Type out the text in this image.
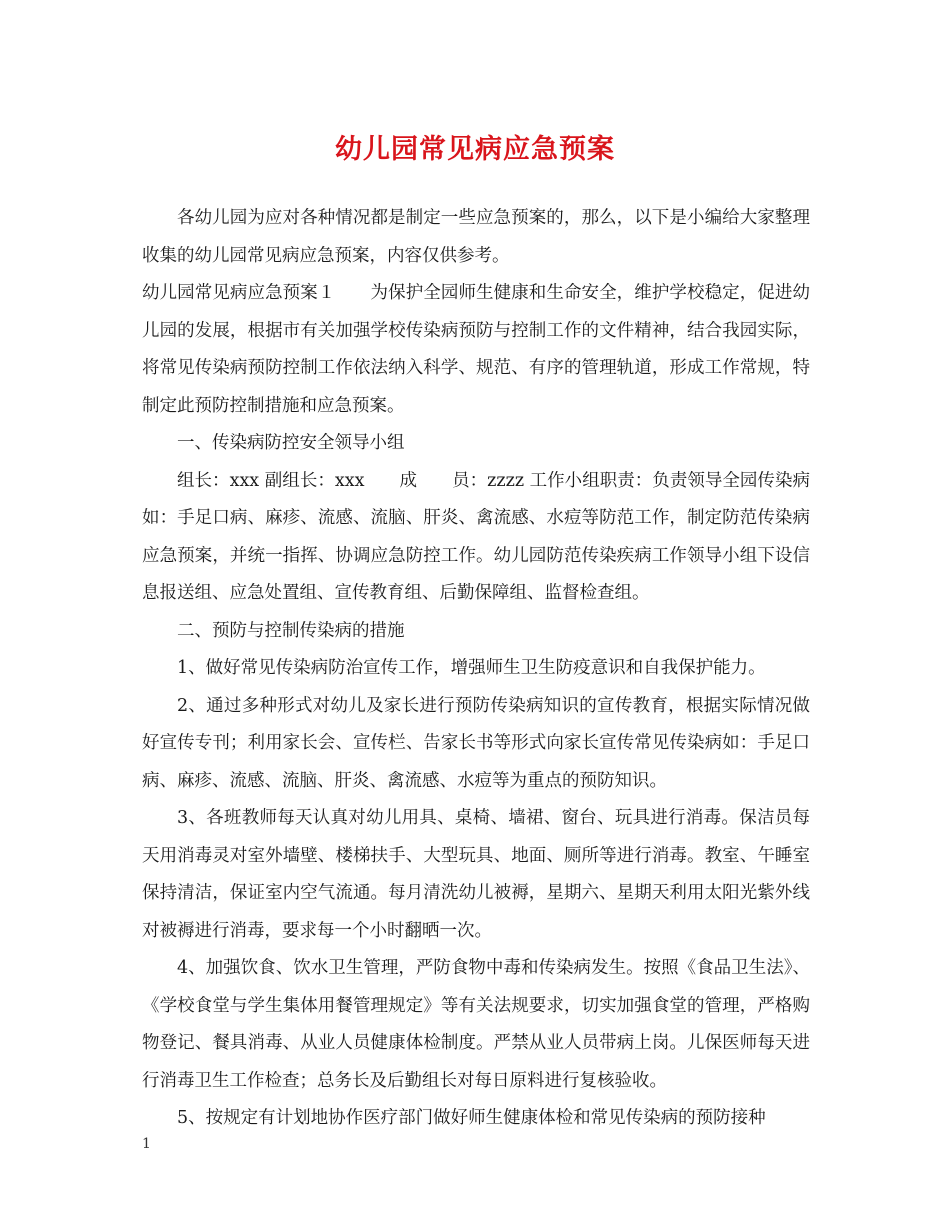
幼儿园常见病应急预案

各幼儿园为应对各种情况都是制定一些应急预案的，那么，以下是小编给大家整理收集的幼儿园常见病应急预案，内容仅供参考。

幼儿园常见病应急预案１　　为保护全园师生健康和生命安全，维护学校稳定，促进幼儿园的发展，根据市有关加强学校传染病预防与控制工作的文件精神，结合我园实际，将常见传染病预防控制工作依法纳入科学、规范、有序的管理轨道，形成工作常规，特制定此预防控制措施和应急预案。

一、传染病防控安全领导小组

组长：xxx 副组长：xxx　　成　　员：zzzz 工作小组职责：负责领导全园传染病如：手足口病、麻疹、流感、流脑、肝炎、禽流感、水痘等防范工作，制定防范传染病应急预案，并统一指挥、协调应急防控工作。幼儿园防范传染疾病工作领导小组下设信息报送组、应急处置组、宣传教育组、后勤保障组、监督检查组。

二、预防与控制传染病的措施

1、做好常见传染病防治宣传工作，增强师生卫生防疫意识和自我保护能力。

2、通过多种形式对幼儿及家长进行预防传染病知识的宣传教育，根据实际情况做好宣传专刊；利用家长会、宣传栏、告家长书等形式向家长宣传常见传染病如：手足口病、麻疹、流感、流脑、肝炎、禽流感、水痘等为重点的预防知识。

3、各班教师每天认真对幼儿用具、桌椅、墙裙、窗台、玩具进行消毒。保洁员每天用消毒灵对室外墙壁、楼梯扶手、大型玩具、地面、厕所等进行消毒。教室、午睡室保持清洁，保证室内空气流通。每月清洗幼儿被褥，星期六、星期天利用太阳光紫外线对被褥进行消毒，要求每一个小时翻晒一次。

4、加强饮食、饮水卫生管理，严防食物中毒和传染病发生。按照《食品卫生法》、《学校食堂与学生集体用餐管理规定》等有关法规要求，切实加强食堂的管理，严格购物登记、餐具消毒、从业人员健康体检制度。严禁从业人员带病上岗。儿保医师每天进行消毒卫生工作检查；总务长及后勤组长对每日原料进行复核验收。

5、按规定有计划地协作医疗部门做好师生健康体检和常见传染病的预防接种

1
